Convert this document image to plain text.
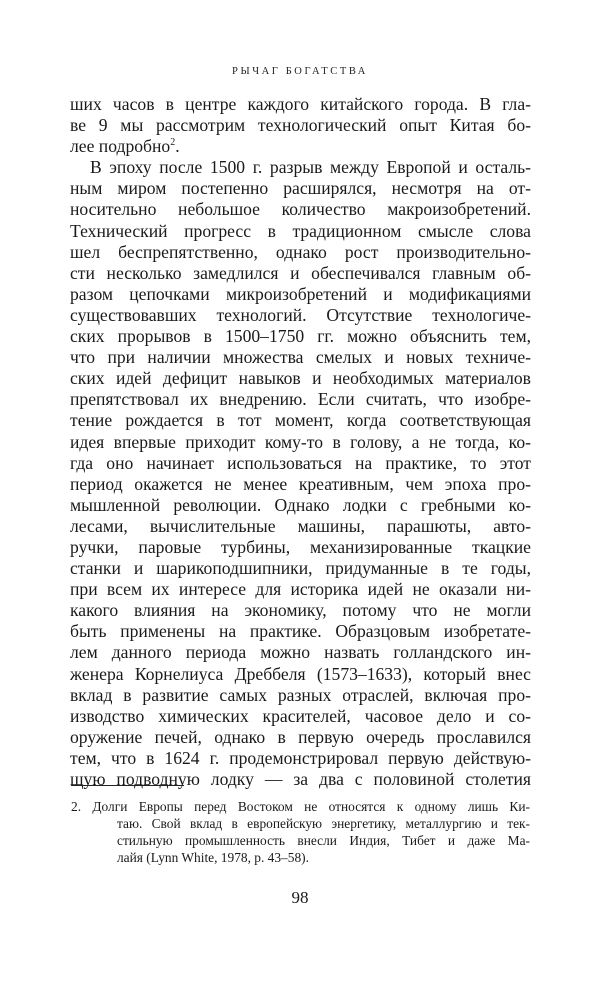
РЫЧАГ БОГАТСТВА
ших часов в центре каждого китайского города. В гла-
ве 9 мы рассмотрим технологический опыт Китая бо-
лее подробно$^2$.
В эпоху после 1500 г. разрыв между Европой и осталь-
ным миром постепенно расширялся, несмотря на от-
носительно небольшое количество макроизобретений.
Технический прогресс в традиционном смысле слова
шел беспрепятственно, однако рост производительно-
сти несколько замедлился и обеспечивался главным об-
разом цепочками микроизобретений и модификациями
существовавших технологий. Отсутствие технологиче-
ских прорывов в 1500–1750 гг. можно объяснить тем,
что при наличии множества смелых и новых техниче-
ских идей дефицит навыков и необходимых материалов
препятствовал их внедрению. Если считать, что изобре-
тение рождается в тот момент, когда соответствующая
идея впервые приходит кому-то в голову, а не тогда, ко-
гда оно начинает использоваться на практике, то этот
период окажется не менее креативным, чем эпоха про-
мышленной революции. Однако лодки с гребными ко-
лесами, вычислительные машины, парашюты, авто-
ручки, паровые турбины, механизированные ткацкие
станки и шарикоподшипники, придуманные в те годы,
при всем их интересе для историка идей не оказали ни-
какого влияния на экономику, потому что не могли
быть применены на практике. Образцовым изобретате-
лем данного периода можно назвать голландского ин-
женера Корнелиуса Дреббеля (1573–1633), который внес
вклад в развитие самых разных отраслей, включая про-
изводство химических красителей, часовое дело и со-
оружение печей, однако в первую очередь прославился
тем, что в 1624 г. продемонстрировал первую действую-
щую подводную лодку — за два с половиной столетия
2. Долги Европы перед Востоком не относятся к одному лишь Ки-
таю. Свой вклад в европейскую энергетику, металлургию и тек-
стильную промышленность внесли Индия, Тибет и даже Ма-
лайя (Lynn White, 1978, p. 43–58).
98
